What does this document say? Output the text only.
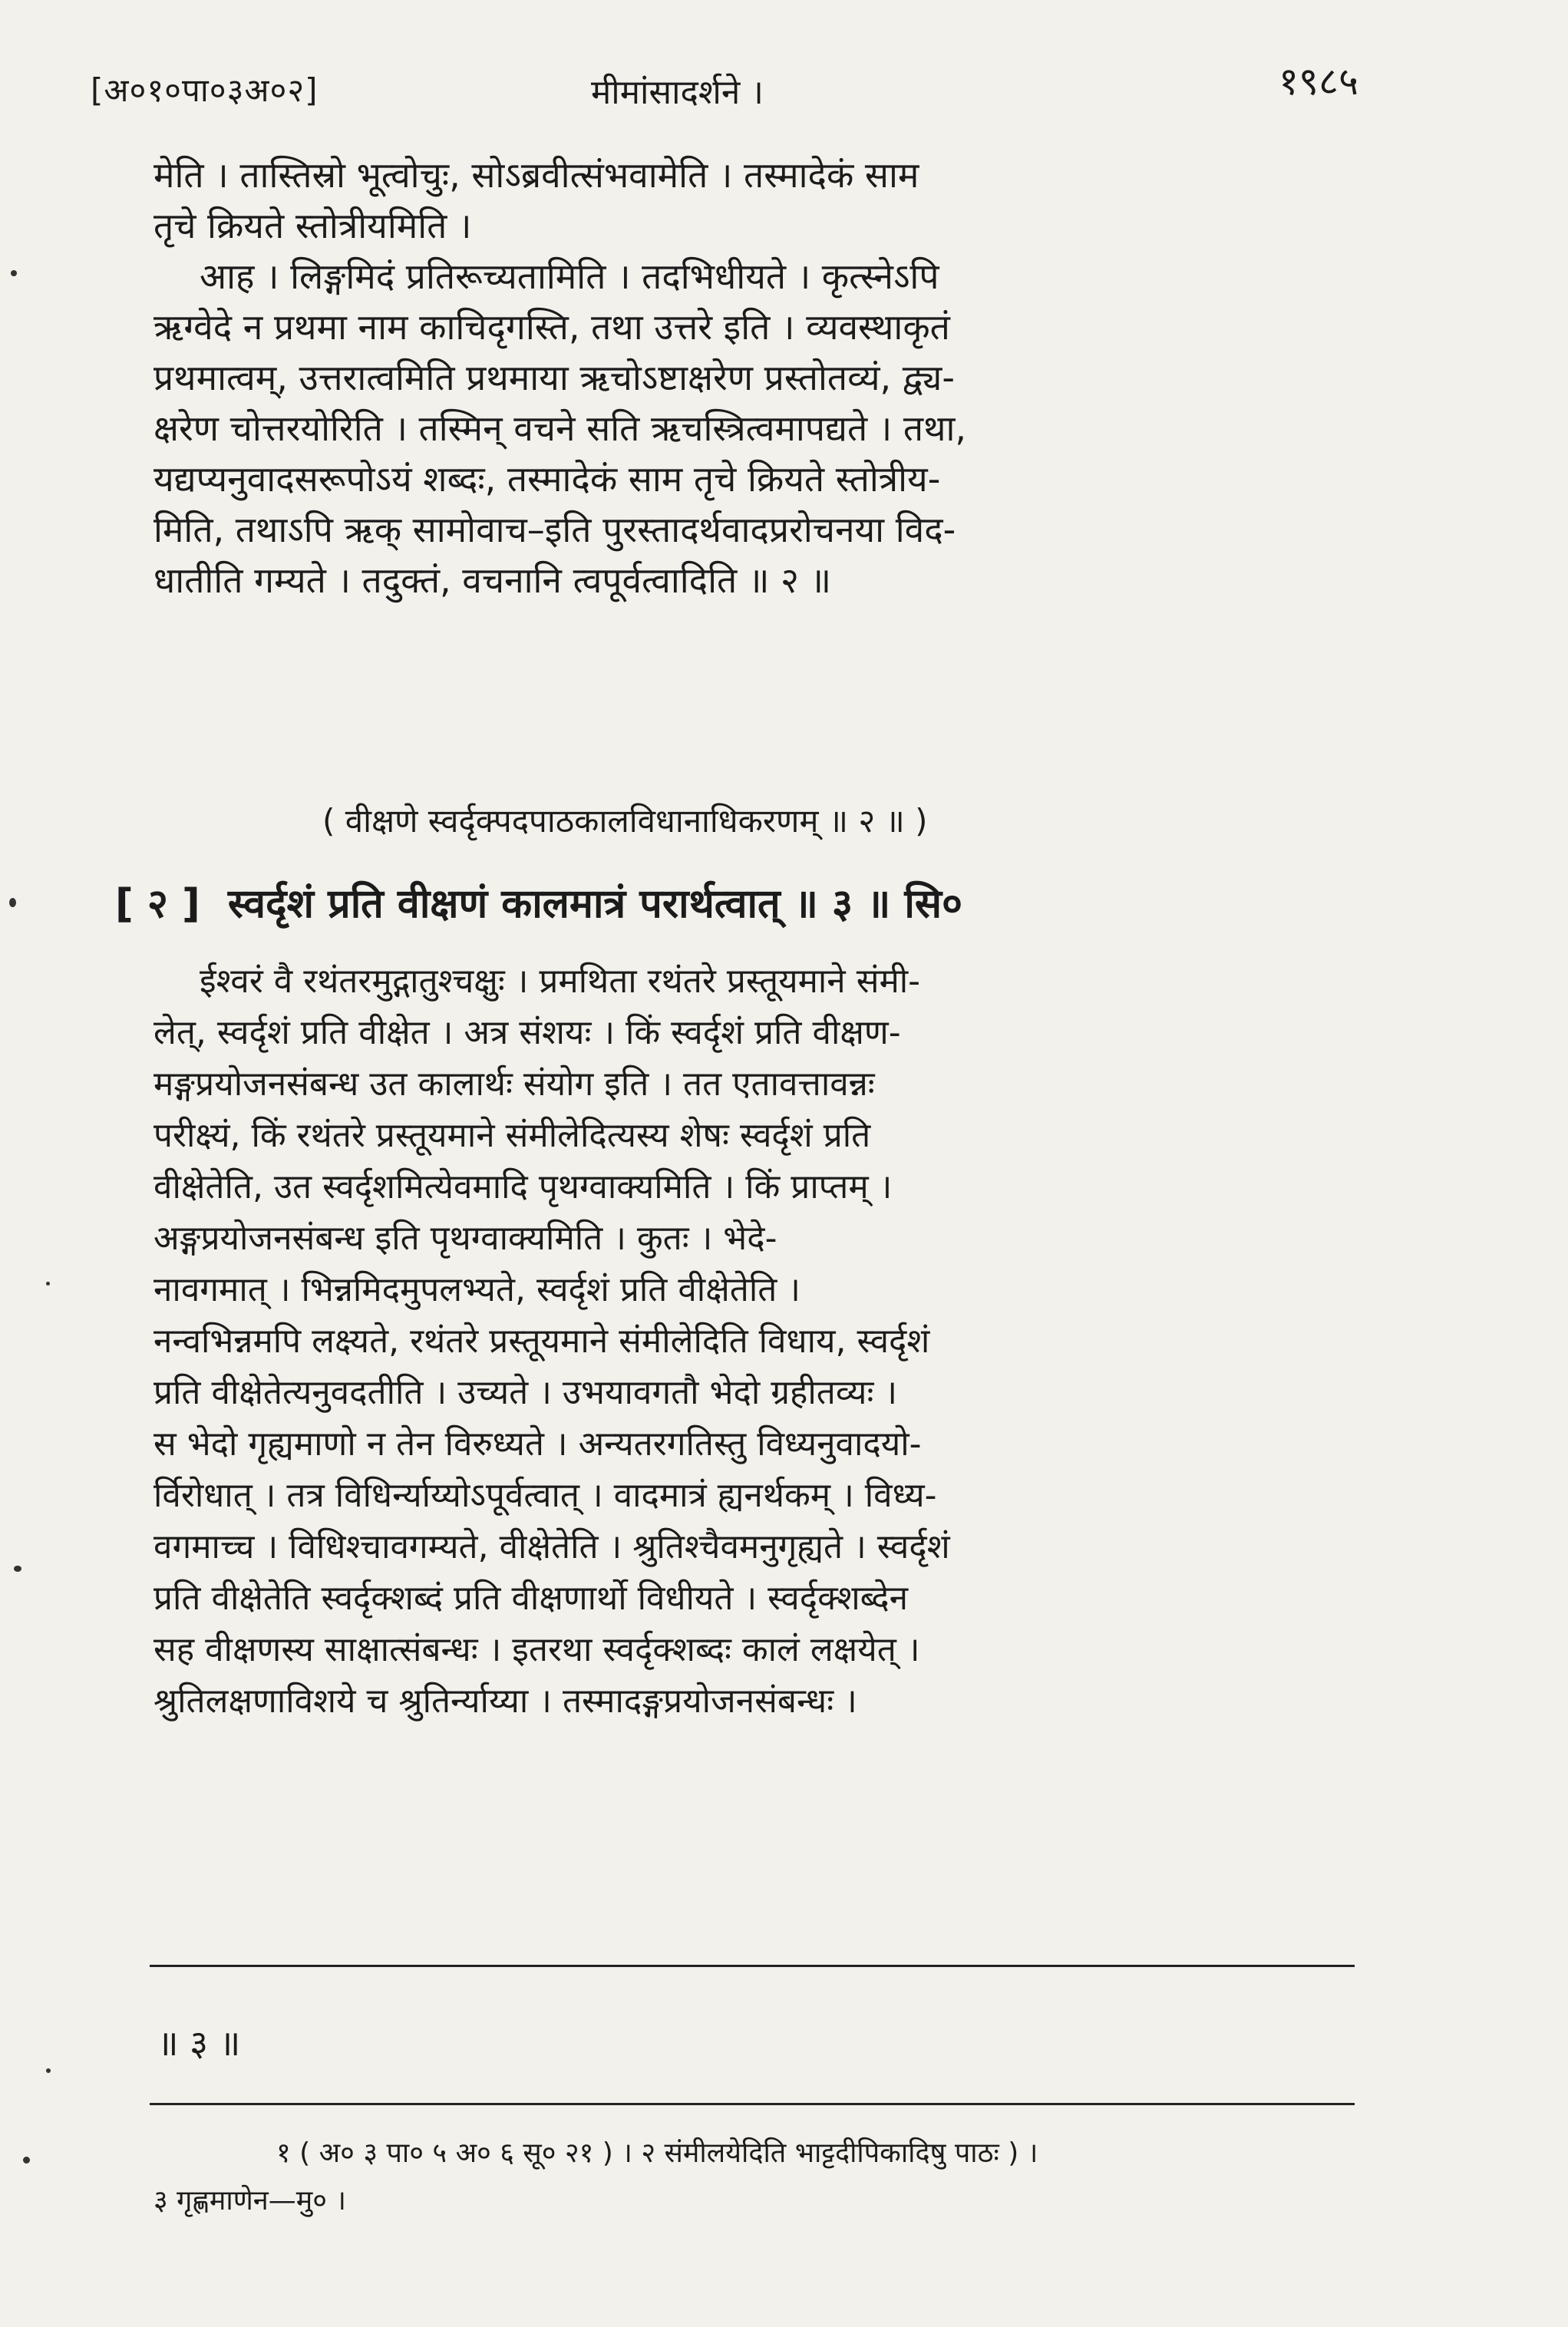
[अ०१०पा०३अ०२]	मीमांसादर्शने ।	१९८५
मेति । तास्तिस्रो भूत्वोचुः, सोऽब्रवीत्संभवामेति । तस्मादेकं साम
तृचे क्रियते स्तोत्रीयमिति ।
आह । लिङ्गमिदं प्रतिरूच्यतामिति । तदभिधीयते । कृत्स्नेऽपि
ऋग्वेदे न प्रथमा नाम काचिदृगस्ति, तथा उत्तरे इति । व्यवस्थाकृतं
प्रथमात्वम्, उत्तरात्वमिति प्रथमाया ऋचोऽष्टाक्षरेण प्रस्तोतव्यं, द्व्य-
क्षरेण चोत्तरयोरिति । तस्मिन् वचने सति ऋचस्त्रित्वमापद्यते । तथा,
यद्यप्यनुवादसरूपोऽयं शब्दः, तस्मादेकं साम तृचे क्रियते स्तोत्रीय-
मिति, तथाऽपि ऋक् सामोवाच–इति पुरस्तादर्थवादप्ररोचनया विद-
धातीति गम्यते । तदुक्तं, वचनानि त्वपूर्वत्वादिति ॥ २ ॥
( वीक्षणे स्वर्दृक्पदपाठकालविधानाधिकरणम् ॥ २ ॥ )
[ २ ] स्वर्दृशं प्रति वीक्षणं कालमात्रं परार्थत्वात् ॥ ३ ॥ सि०
ईश्वरं वै रथंतरमुद्गातुश्चक्षुः । प्रमथिता रथंतरे प्रस्तूयमाने संमी-
लेत्, स्वर्दृशं प्रति वीक्षेत । अत्र संशयः । किं स्वर्दृशं प्रति वीक्षण-
मङ्गप्रयोजनसंबन्ध उत कालार्थः संयोग इति । तत एतावत्तावन्नः
परीक्ष्यं, किं रथंतरे प्रस्तूयमाने संमीलेदित्यस्य शेषः स्वर्दृशं प्रति
वीक्षेतेति, उत स्वर्दृशमित्येवमादि पृथग्वाक्यमिति । किं प्राप्तम् ।
अङ्गप्रयोजनसंबन्ध इति पृथग्वाक्यमिति । कुतः । भेदे-
नावगमात् । भिन्नमिदमुपलभ्यते, स्वर्दृशं प्रति वीक्षेतेति ।
नन्वभिन्नमपि लक्ष्यते, रथंतरे प्रस्तूयमाने संमीलेदिति विधाय, स्वर्दृशं
प्रति वीक्षेतेत्यनुवदतीति । उच्यते । उभयावगतौ भेदो ग्रहीतव्यः ।
स भेदो गृह्यमाणो न तेन विरुध्यते । अन्यतरगतिस्तु विध्यनुवादयो-
र्विरोधात् । तत्र विधिर्न्याय्योऽपूर्वत्वात् । वादमात्रं ह्यनर्थकम् । विध्य-
वगमाच्च । विधिश्चावगम्यते, वीक्षेतेति । श्रुतिश्चैवमनुगृह्यते । स्वर्दृशं
प्रति वीक्षेतेति स्वर्दृक्शब्दं प्रति वीक्षणार्थो विधीयते । स्वर्दृक्शब्देन
सह वीक्षणस्य साक्षात्संबन्धः । इतरथा स्वर्दृक्शब्दः कालं लक्षयेत् ।
श्रुतिलक्षणाविशये च श्रुतिर्न्याय्या । तस्मादङ्गप्रयोजनसंबन्धः ।
॥ ३ ॥
१ ( अ० ३ पा० ५ अ० ६ सू० २१ ) । २ संमीलयेदिति भाट्टदीपिकादिषु पाठः ) ।
३ गृह्णमाणेन—मु० ।
